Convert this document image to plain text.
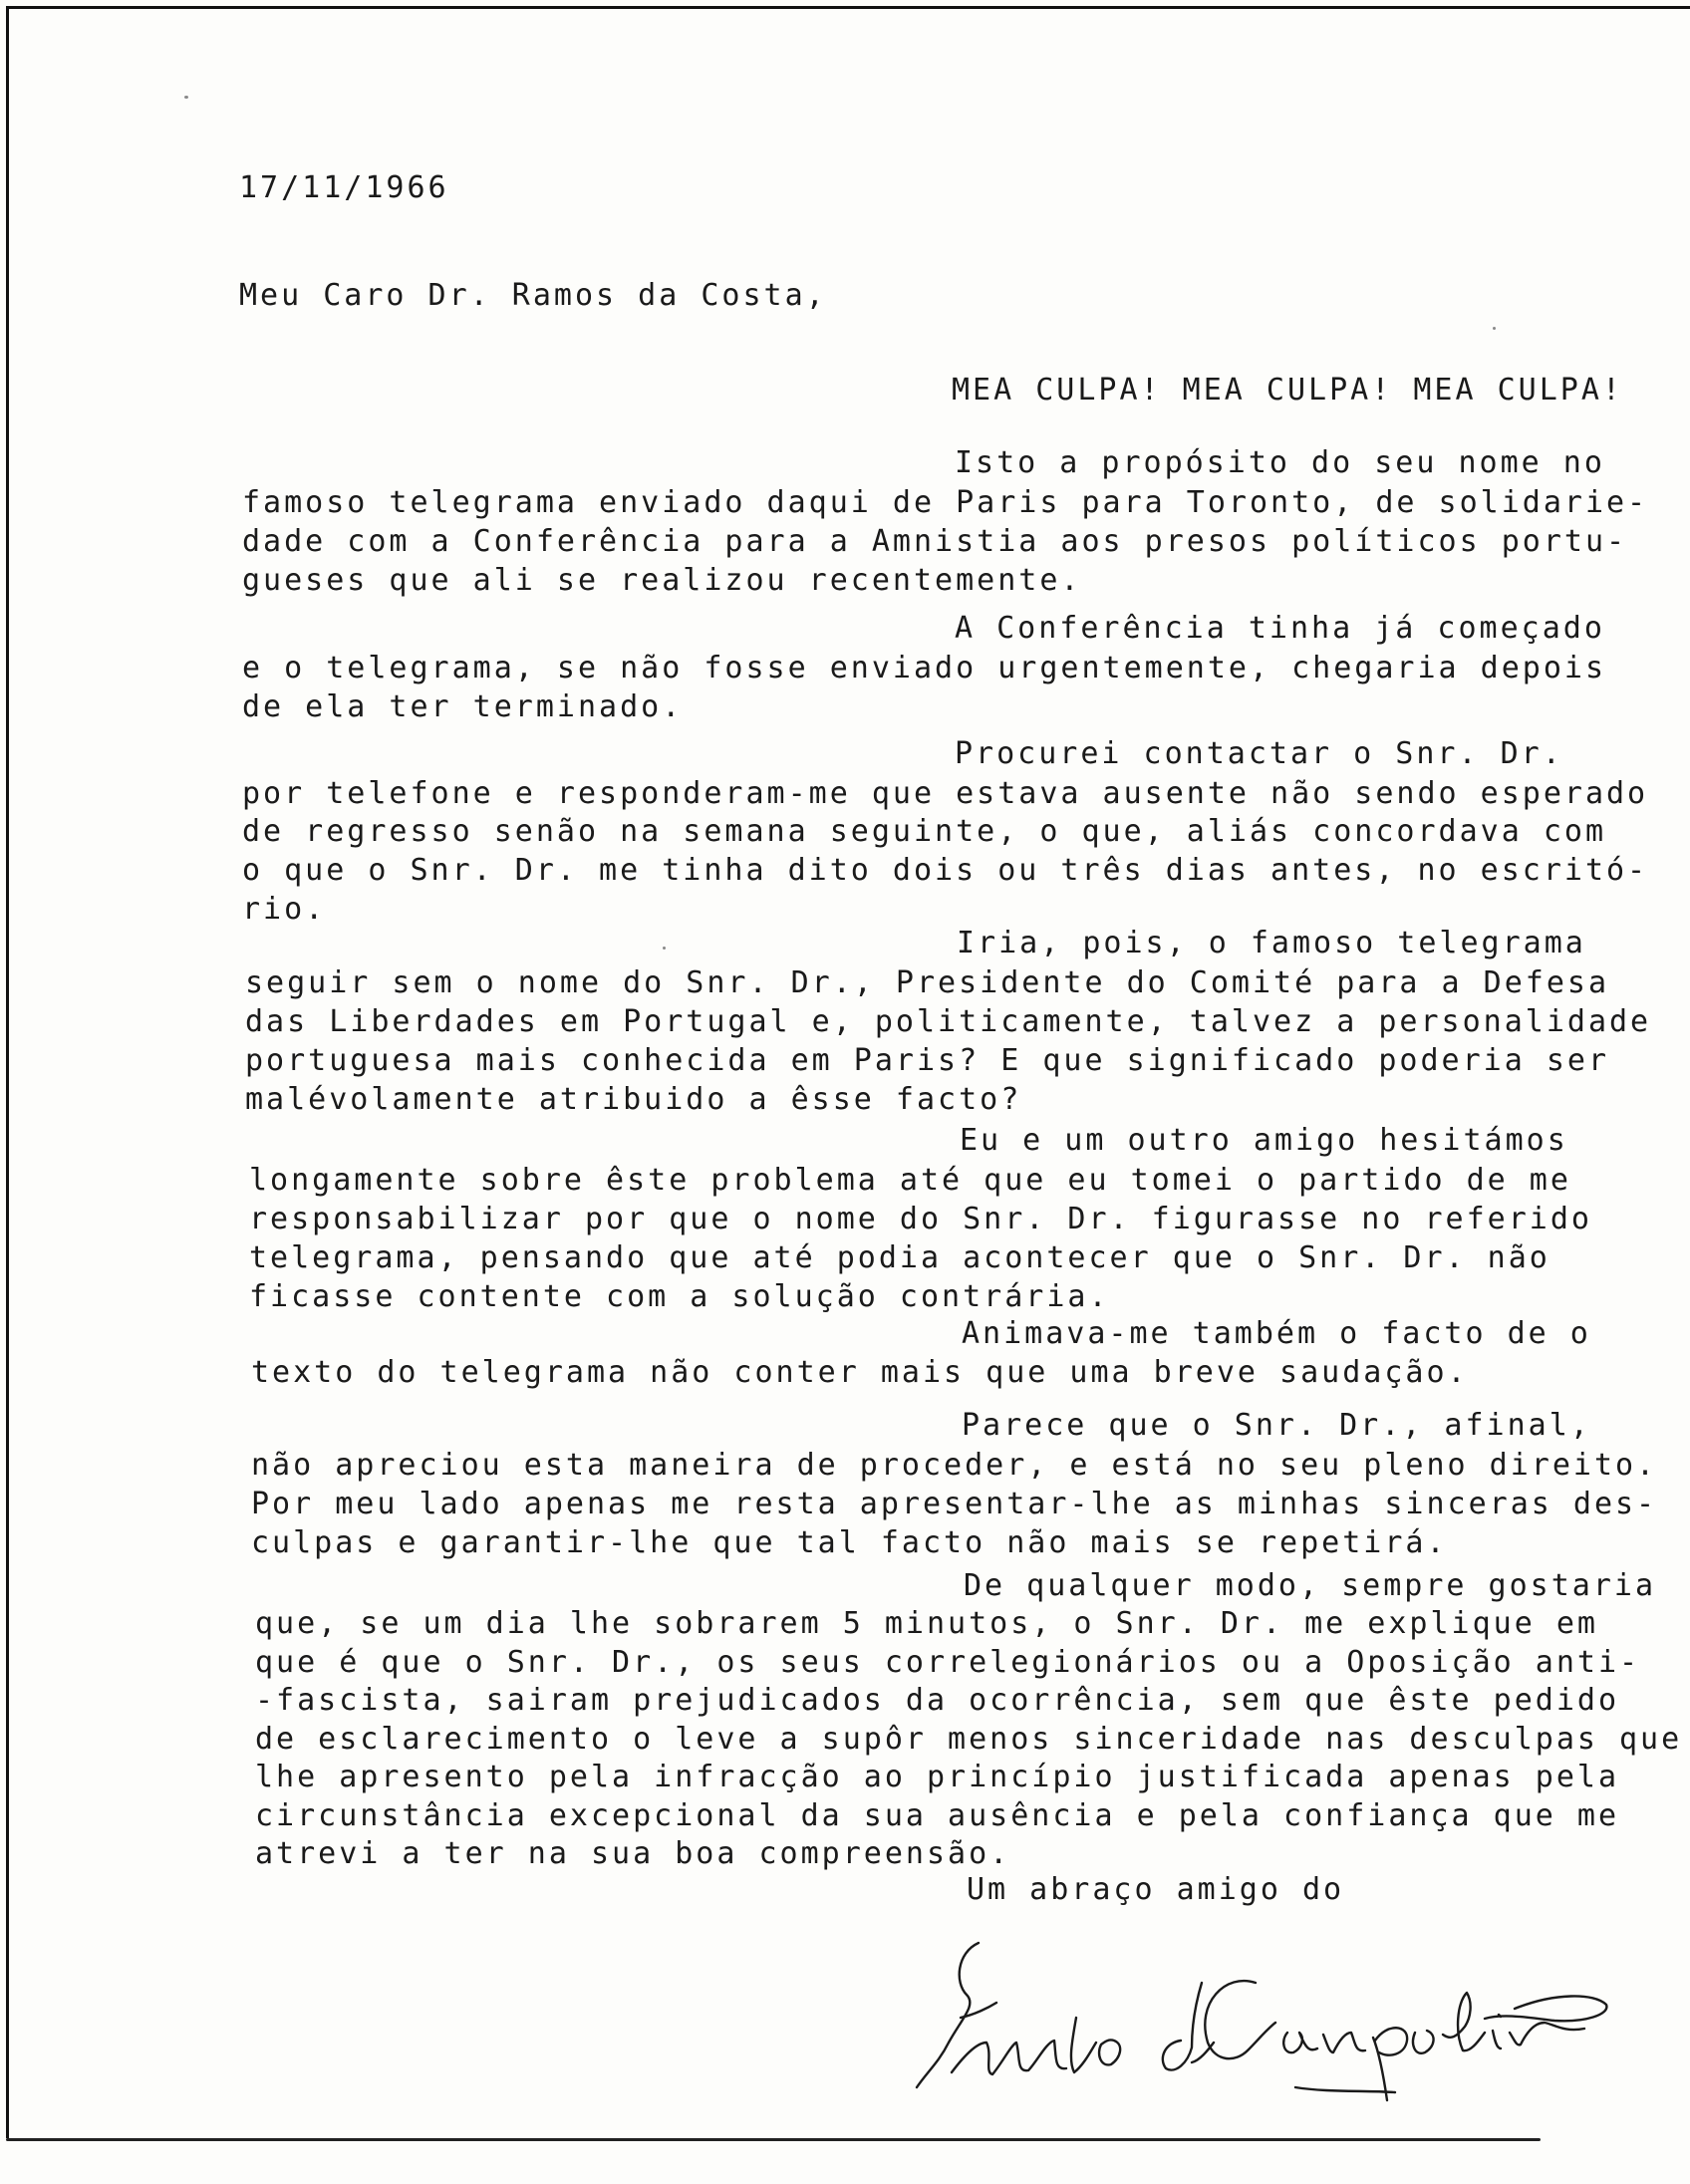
17/11/1966
Meu Caro Dr. Ramos da Costa,
MEA CULPA! MEA CULPA! MEA CULPA!
Isto a propósito do seu nome no
famoso telegrama enviado daqui de Paris para Toronto, de solidarie-
dade com a Conferência para a Amnistia aos presos políticos portu-
gueses que ali se realizou recentemente.
A Conferência tinha já começado
e o telegrama, se não fosse enviado urgentemente, chegaria depois
de ela ter terminado.
Procurei contactar o Snr. Dr.
por telefone e responderam-me que estava ausente não sendo esperado
de regresso senão na semana seguinte, o que, aliás concordava com
o que o Snr. Dr. me tinha dito dois ou três dias antes, no escritó-
rio.
Iria, pois, o famoso telegrama
seguir sem o nome do Snr. Dr., Presidente do Comité para a Defesa
das Liberdades em Portugal e, politicamente, talvez a personalidade
portuguesa mais conhecida em Paris? E que significado poderia ser
malévolamente atribuido a êsse facto?
Eu e um outro amigo hesitámos
longamente sobre êste problema até que eu tomei o partido de me
responsabilizar por que o nome do Snr. Dr. figurasse no referido
telegrama, pensando que até podia acontecer que o Snr. Dr. não
ficasse contente com a solução contrária.
Animava-me também o facto de o
texto do telegrama não conter mais que uma breve saudação.
Parece que o Snr. Dr., afinal,
não apreciou esta maneira de proceder, e está no seu pleno direito.
Por meu lado apenas me resta apresentar-lhe as minhas sinceras des-
culpas e garantir-lhe que tal facto não mais se repetirá.
De qualquer modo, sempre gostaria
que, se um dia lhe sobrarem 5 minutos, o Snr. Dr. me explique em
que é que o Snr. Dr., os seus correlegionários ou a Oposição anti-
-fascista, sairam prejudicados da ocorrência, sem que êste pedido
de esclarecimento o leve a supôr menos sinceridade nas desculpas que
lhe apresento pela infracção ao princípio justificada apenas pela
circunstância excepcional da sua ausência e pela confiança que me
atrevi a ter na sua boa compreensão.
Um abraço amigo do
